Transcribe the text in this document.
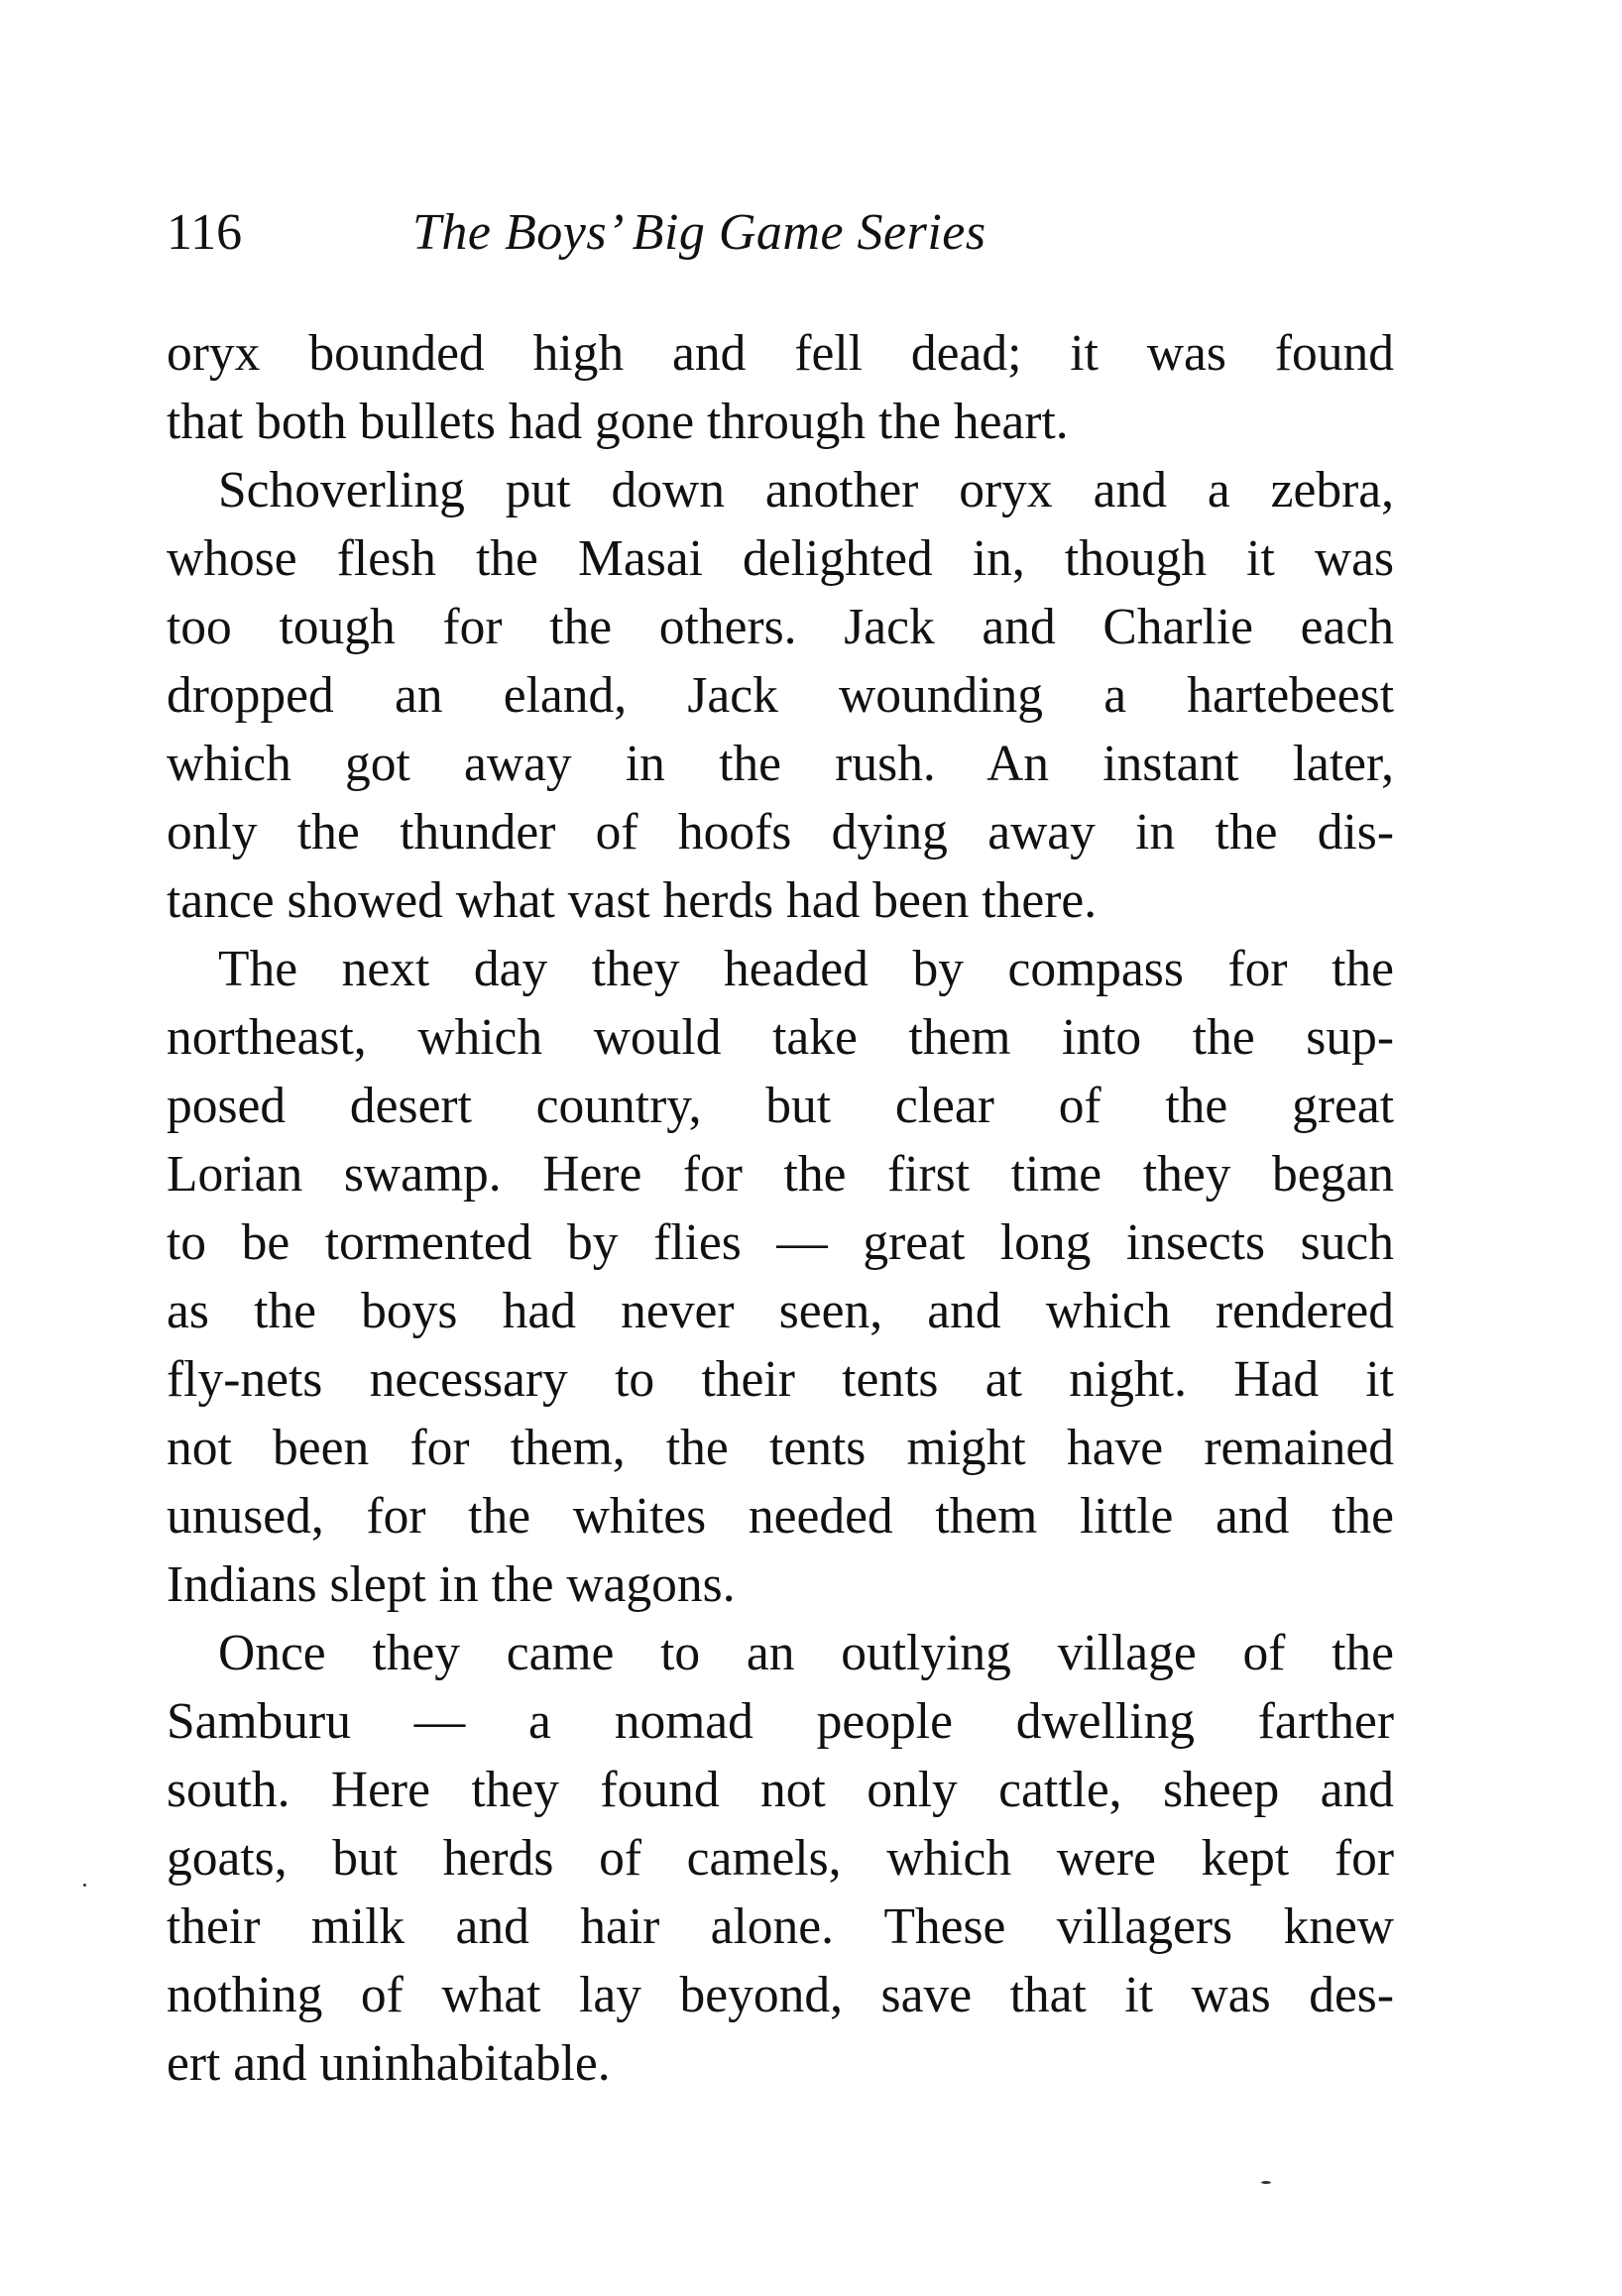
116	The Boys’ Big Game Series
oryx bounded high and fell dead; it was found
that both bullets had gone through the heart.
Schoverling put down another oryx and a zebra,
whose flesh the Masai delighted in, though it was
too tough for the others. Jack and Charlie each
dropped an eland, Jack wounding a hartebeest
which got away in the rush. An instant later,
only the thunder of hoofs dying away in the dis-
tance showed what vast herds had been there.
The next day they headed by compass for the
northeast, which would take them into the sup-
posed desert country, but clear of the great
Lorian swamp. Here for the first time they began
to be tormented by flies — great long insects such
as the boys had never seen, and which rendered
fly-nets necessary to their tents at night. Had it
not been for them, the tents might have remained
unused, for the whites needed them little and the
Indians slept in the wagons.
Once they came to an outlying village of the
Samburu — a nomad people dwelling farther
south. Here they found not only cattle, sheep and
goats, but herds of camels, which were kept for
their milk and hair alone. These villagers knew
nothing of what lay beyond, save that it was des-
ert and uninhabitable.
